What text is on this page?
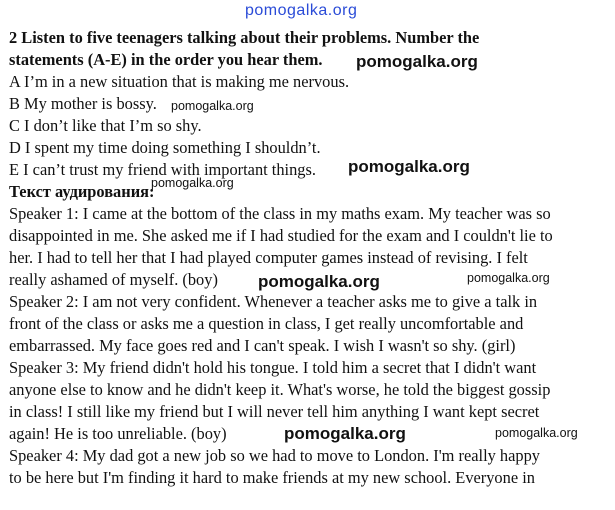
pomogalka.org
2 Listen to five teenagers talking about their problems. Number the
statements (A-E) in the order you hear them.
A I’m in a new situation that is making me nervous.
B My mother is bossy.
C I don’t like that I’m so shy.
D I spent my time doing something I shouldn’t.
E I can’t trust my friend with important things.
Текст аудирования:
Speaker 1: I came at the bottom of the class in my maths exam. My teacher was so
disappointed in me. She asked me if I had studied for the exam and I couldn't lie to
her. I had to tell her that I had played computer games instead of revising. I felt
really ashamed of myself. (boy)
Speaker 2: I am not very confident. Whenever a teacher asks me to give a talk in
front of the class or asks me a question in class, I get really uncomfortable and
embarrassed. My face goes red and I can't speak. I wish I wasn't so shy. (girl)
Speaker 3: My friend didn't hold his tongue. I told him a secret that I didn't want
anyone else to know and he didn't keep it. What's worse, he told the biggest gossip
in class! I still like my friend but I will never tell him anything I want kept secret
again! He is too unreliable. (boy)
Speaker 4: My dad got a new job so we had to move to London. I'm really happy
to be here but I'm finding it hard to make friends at my new school. Everyone in
pomogalka.org
pomogalka.org
pomogalka.org
pomogalka.org
pomogalka.org	pomogalka.org
pomogalka.org	pomogalka.org
